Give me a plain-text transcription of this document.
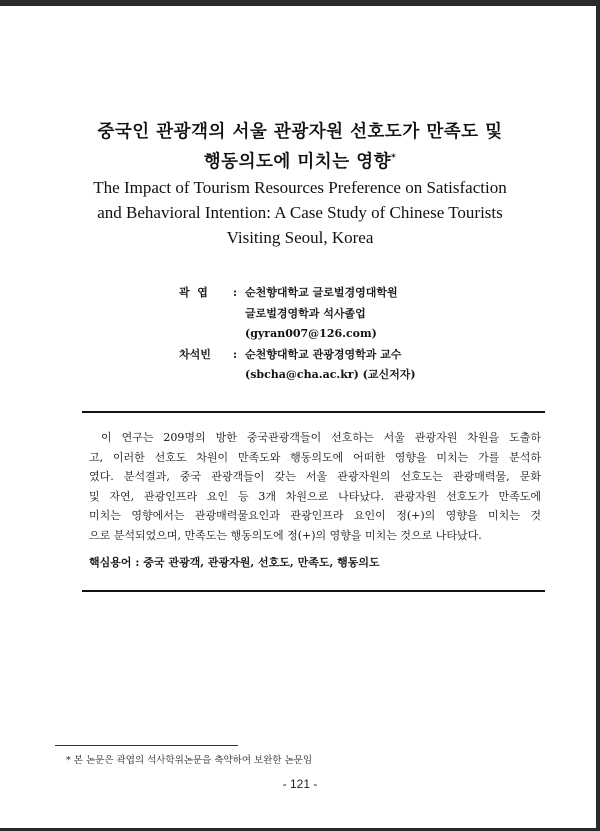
중국인 관광객의 서울 관광자원 선호도가 만족도 및
행동의도에 미치는 영향*
The Impact of Tourism Resources Preference on Satisfaction
and Behavioral Intention: A Case Study of Chinese Tourists
Visiting Seoul, Korea
곽  엽	: 순천향대학교 글로벌경영대학원
글로벌경영학과 석사졸업
(gyran007@126.com)
차석빈	: 순천향대학교 관광경영학과 교수
(sbcha@cha.ac.kr) (교신저자)
이 연구는 209명의 방한 중국관광객들이 선호하는 서울 관광자원 차원을 도출하
고, 이러한 선호도 차원이 만족도와 행동의도에 어떠한 영향을 미치는 가를 분석하
였다. 분석결과, 중국 관광객들이 갖는 서울 관광자원의 선호도는 관광매력물, 문화
및 자연, 관광인프라 요인 등 3개 차원으로 나타났다. 관광자원 선호도가 만족도에
미치는 영향에서는 관광매력물요인과 관광인프라 요인이 정(+)의 영향을 미치는 것
으로 분석되었으며, 만족도는 행동의도에 정(+)의 영향을 미치는 것으로 나타났다.
핵심용어 : 중국 관광객, 관광자원, 선호도, 만족도, 행동의도
* 본 논문은 곽엽의 석사학위논문을 축약하여 보완한 논문임
- 121 -
